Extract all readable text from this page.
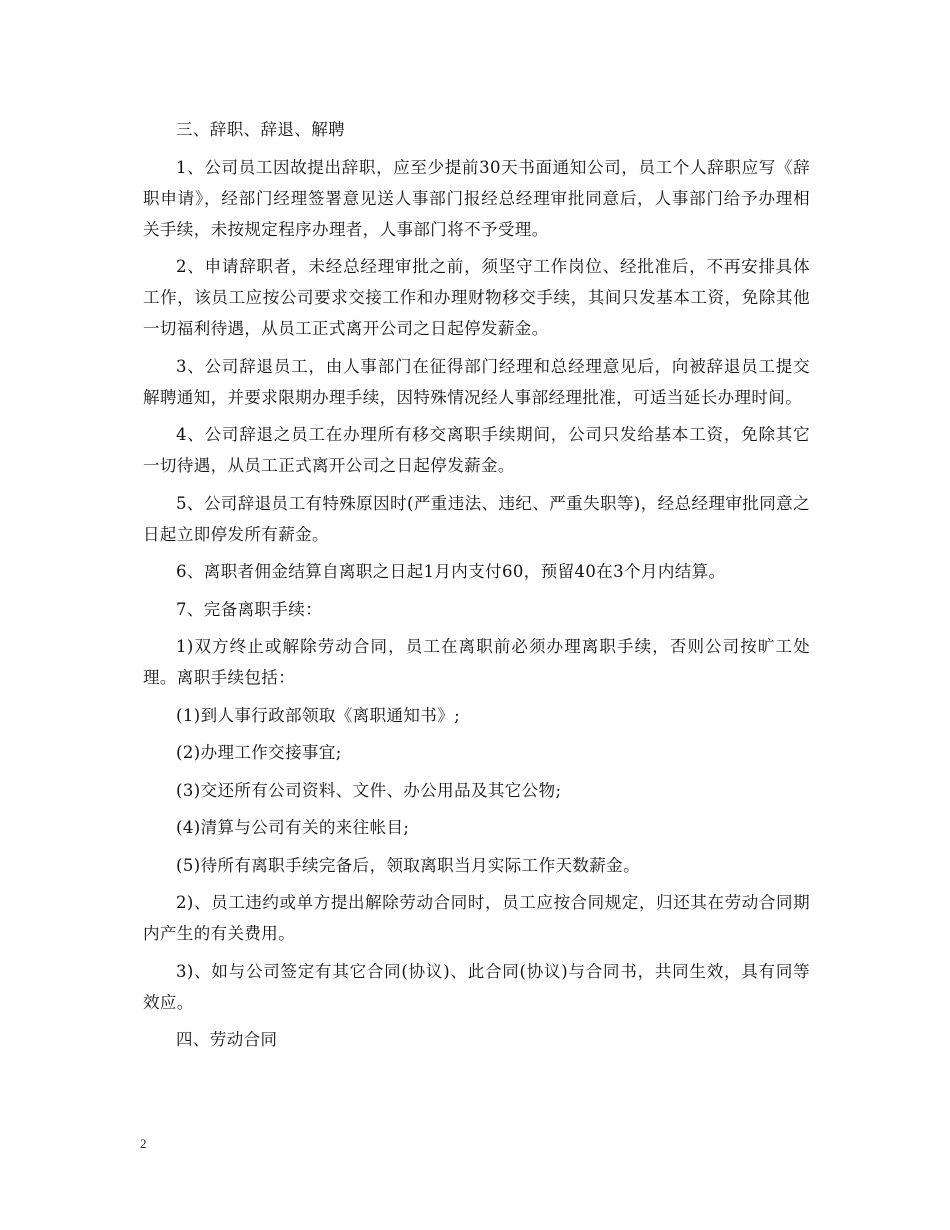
三、辞职、辞退、解聘

1、公司员工因故提出辞职，应至少提前30天书面通知公司，员工个人辞职应写《辞职申请》，经部门经理签署意见送人事部门报经总经理审批同意后，人事部门给予办理相关手续，未按规定程序办理者，人事部门将不予受理。

2、申请辞职者，未经总经理审批之前，须坚守工作岗位、经批准后，不再安排具体工作，该员工应按公司要求交接工作和办理财物移交手续，其间只发基本工资，免除其他一切福利待遇，从员工正式离开公司之日起停发薪金。

3、公司辞退员工，由人事部门在征得部门经理和总经理意见后，向被辞退员工提交解聘通知，并要求限期办理手续，因特殊情况经人事部经理批准，可适当延长办理时间。

4、公司辞退之员工在办理所有移交离职手续期间，公司只发给基本工资，免除其它一切待遇，从员工正式离开公司之日起停发薪金。

5、公司辞退员工有特殊原因时(严重违法、违纪、严重失职等)，经总经理审批同意之日起立即停发所有薪金。

6、离职者佣金结算自离职之日起1月内支付60，预留40在3个月内结算。

7、完备离职手续：

1)双方终止或解除劳动合同，员工在离职前必须办理离职手续，否则公司按旷工处理。离职手续包括：

(1)到人事行政部领取《离职通知书》;

(2)办理工作交接事宜;

(3)交还所有公司资料、文件、办公用品及其它公物;

(4)清算与公司有关的来往帐目;

(5)待所有离职手续完备后，领取离职当月实际工作天数薪金。

2)、员工违约或单方提出解除劳动合同时，员工应按合同规定，归还其在劳动合同期内产生的有关费用。

3)、如与公司签定有其它合同(协议)、此合同(协议)与合同书，共同生效，具有同等效应。

四、劳动合同

2
